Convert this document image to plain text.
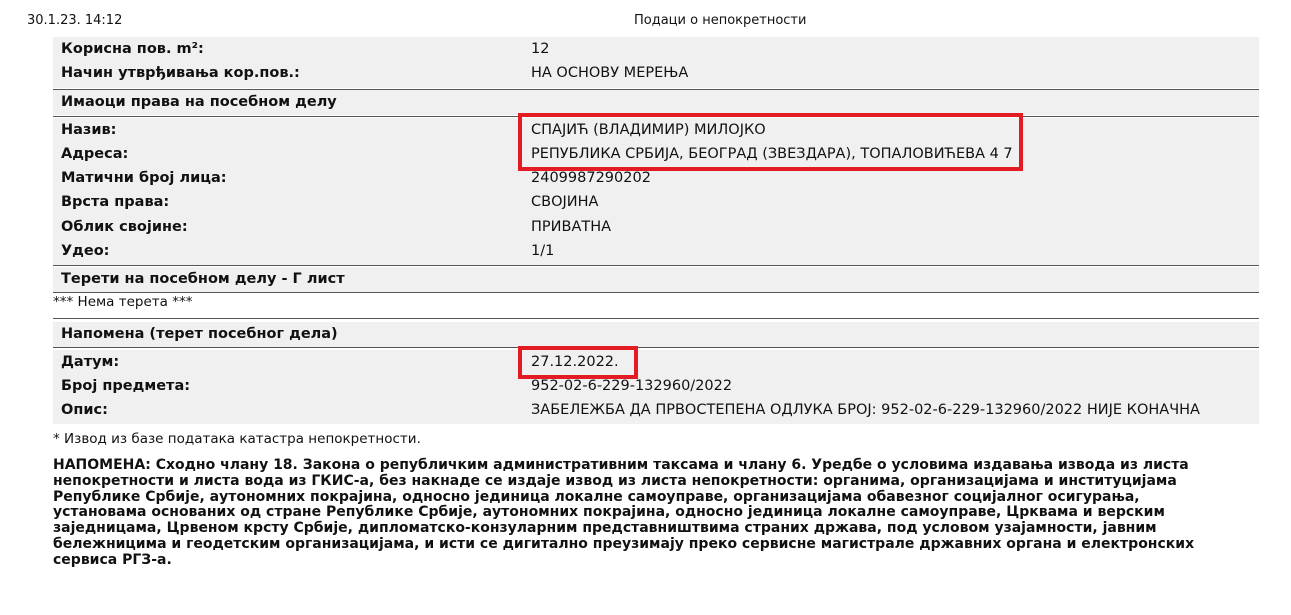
30.1.23. 14:12	Подаци о непокретности
Корисна пов. m²:	12
Начин утврђивања кор.пов.:	НА ОСНОВУ МЕРЕЊА
Имаоци права на посебном делу
Назив:	СПАЈИЋ (ВЛАДИМИР) МИЛОЈКО
Адреса:	РЕПУБЛИКА СРБИЈА, БЕОГРАД (ЗВЕЗДАРА), ТОПАЛОВИЋЕВА 4 7
Матични број лица:	2409987290202
Врста права:	СВОЈИНА
Облик својине:	ПРИВАТНА
Удео:	1/1
Терети на посебном делу - Г лист
*** Нема терета ***
Напомена (терет посебног дела)
Датум:	27.12.2022.
Број предмета:	952-02-6-229-132960/2022
Опис:	ЗАБЕЛЕЖБА ДА ПРВОСТЕПЕНА ОДЛУКА БРОЈ: 952-02-6-229-132960/2022 НИЈЕ КОНАЧНА
* Извод из базе података катастра непокретности.
НАПОМЕНА: Сходно члану 18. Закона о републичким административним таксама и члану 6. Уредбе о условима издавања извода из листа
непокретности и листа вода из ГКИС-а, без накнаде се издаје извод из листа непокретности: органима, организацијама и институцијама
Републике Србије, аутономних покрајина, односно јединица локалне самоуправе, организацијама обавезног социјалног осигурања,
установама основаних од стране Републике Србије, аутономних покрајина, односно јединица локалне самоуправе, Црквама и верским
заједницама, Црвеном крсту Србије, дипломатско-конзуларним представништвима страних држава, под условом узајамности, јавним
бележницима и геодетским организацијама, и исти се дигитално преузимају преко сервисне магистрале државних органа и електронских
сервиса РГЗ-а.
